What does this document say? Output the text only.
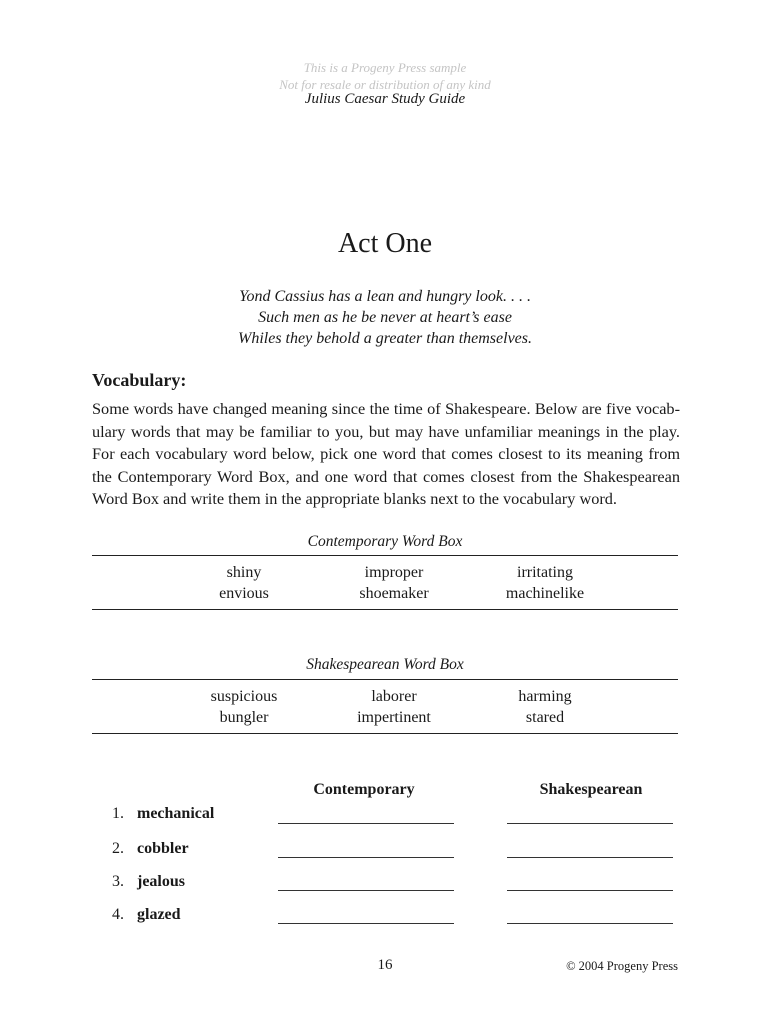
This is a Progeny Press sample
Not for resale or distribution of any kind
Julius Caesar Study Guide
Act One
Yond Cassius has a lean and hungry look. . . .
Such men as he be never at heart’s ease
Whiles they behold a greater than themselves.
Vocabulary:
Some words have changed meaning since the time of Shakespeare. Below are five vocab-
ulary words that may be familiar to you, but may have unfamiliar meanings in the play.
For each vocabulary word below, pick one word that comes closest to its meaning from
the Contemporary Word Box, and one word that comes closest from the Shakespearean
Word Box and write them in the appropriate blanks next to the vocabulary word.
Contemporary Word Box
shiny
envious
improper
shoemaker
irritating
machinelike
Shakespearean Word Box
suspicious
bungler
laborer
impertinent
harming
stared
Contemporary	Shakespearean
1. mechanical
2. cobbler
3. jealous
4. glazed
16	© 2004 Progeny Press
